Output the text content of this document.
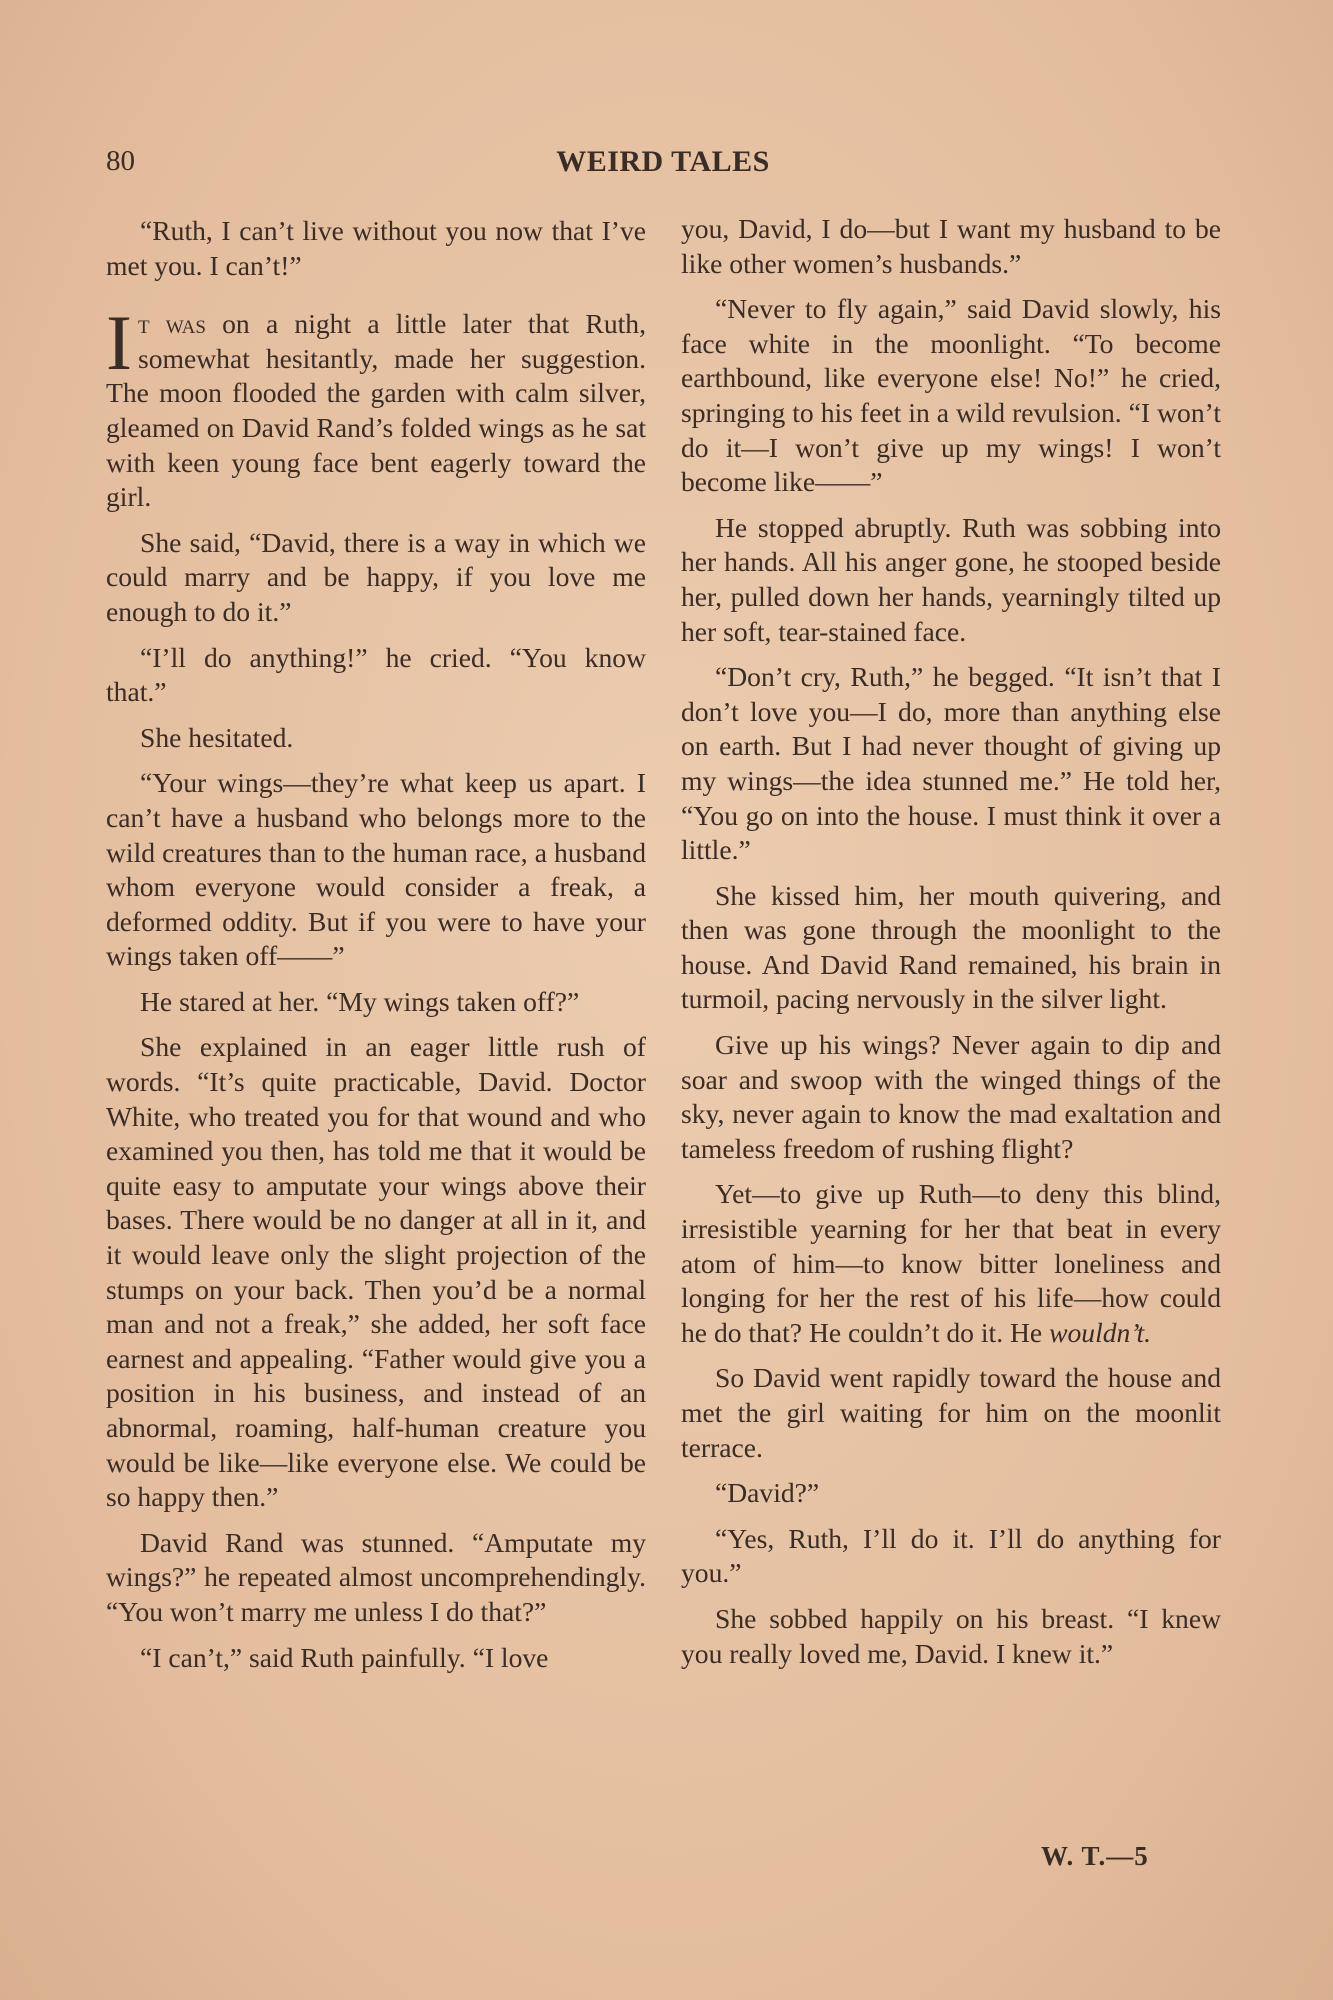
80	WEIRD TALES

“Ruth, I can’t live without you now that I’ve met you. I can’t!”

It was on a night a little later that Ruth, somewhat hesitantly, made her suggestion. The moon flooded the garden with calm silver, gleamed on David Rand’s folded wings as he sat with keen young face bent eagerly toward the girl.

She said, “David, there is a way in which we could marry and be happy, if you love me enough to do it.”

“I’ll do anything!” he cried. “You know that.”

She hesitated.

“Your wings—they’re what keep us apart. I can’t have a husband who belongs more to the wild creatures than to the human race, a husband whom everyone would consider a freak, a deformed oddity. But if you were to have your wings taken off——”

He stared at her. “My wings taken off?”

She explained in an eager little rush of words. “It’s quite practicable, David. Doctor White, who treated you for that wound and who examined you then, has told me that it would be quite easy to amputate your wings above their bases. There would be no danger at all in it, and it would leave only the slight projection of the stumps on your back. Then you’d be a normal man and not a freak,” she added, her soft face earnest and appealing. “Father would give you a position in his business, and instead of an abnormal, roaming, half-human creature you would be like—like everyone else. We could be so happy then.”

David Rand was stunned. “Amputate my wings?” he repeated almost uncomprehendingly. “You won’t marry me unless I do that?”

“I can’t,” said Ruth painfully. “I love

you, David, I do—but I want my husband to be like other women’s husbands.”

“Never to fly again,” said David slowly, his face white in the moonlight. “To become earthbound, like everyone else! No!” he cried, springing to his feet in a wild revulsion. “I won’t do it—I won’t give up my wings! I won’t become like——”

He stopped abruptly. Ruth was sobbing into her hands. All his anger gone, he stooped beside her, pulled down her hands, yearningly tilted up her soft, tear-stained face.

“Don’t cry, Ruth,” he begged. “It isn’t that I don’t love you—I do, more than anything else on earth. But I had never thought of giving up my wings—the idea stunned me.” He told her, “You go on into the house. I must think it over a little.”

She kissed him, her mouth quivering, and then was gone through the moonlight to the house. And David Rand remained, his brain in turmoil, pacing nervously in the silver light.

Give up his wings? Never again to dip and soar and swoop with the winged things of the sky, never again to know the mad exaltation and tameless freedom of rushing flight?

Yet—to give up Ruth—to deny this blind, irresistible yearning for her that beat in every atom of him—to know bitter loneliness and longing for her the rest of his life—how could he do that? He couldn’t do it. He wouldn’t.

So David went rapidly toward the house and met the girl waiting for him on the moonlit terrace.

“David?”

“Yes, Ruth, I’ll do it. I’ll do anything for you.”

She sobbed happily on his breast. “I knew you really loved me, David. I knew it.”

W. T.—5
